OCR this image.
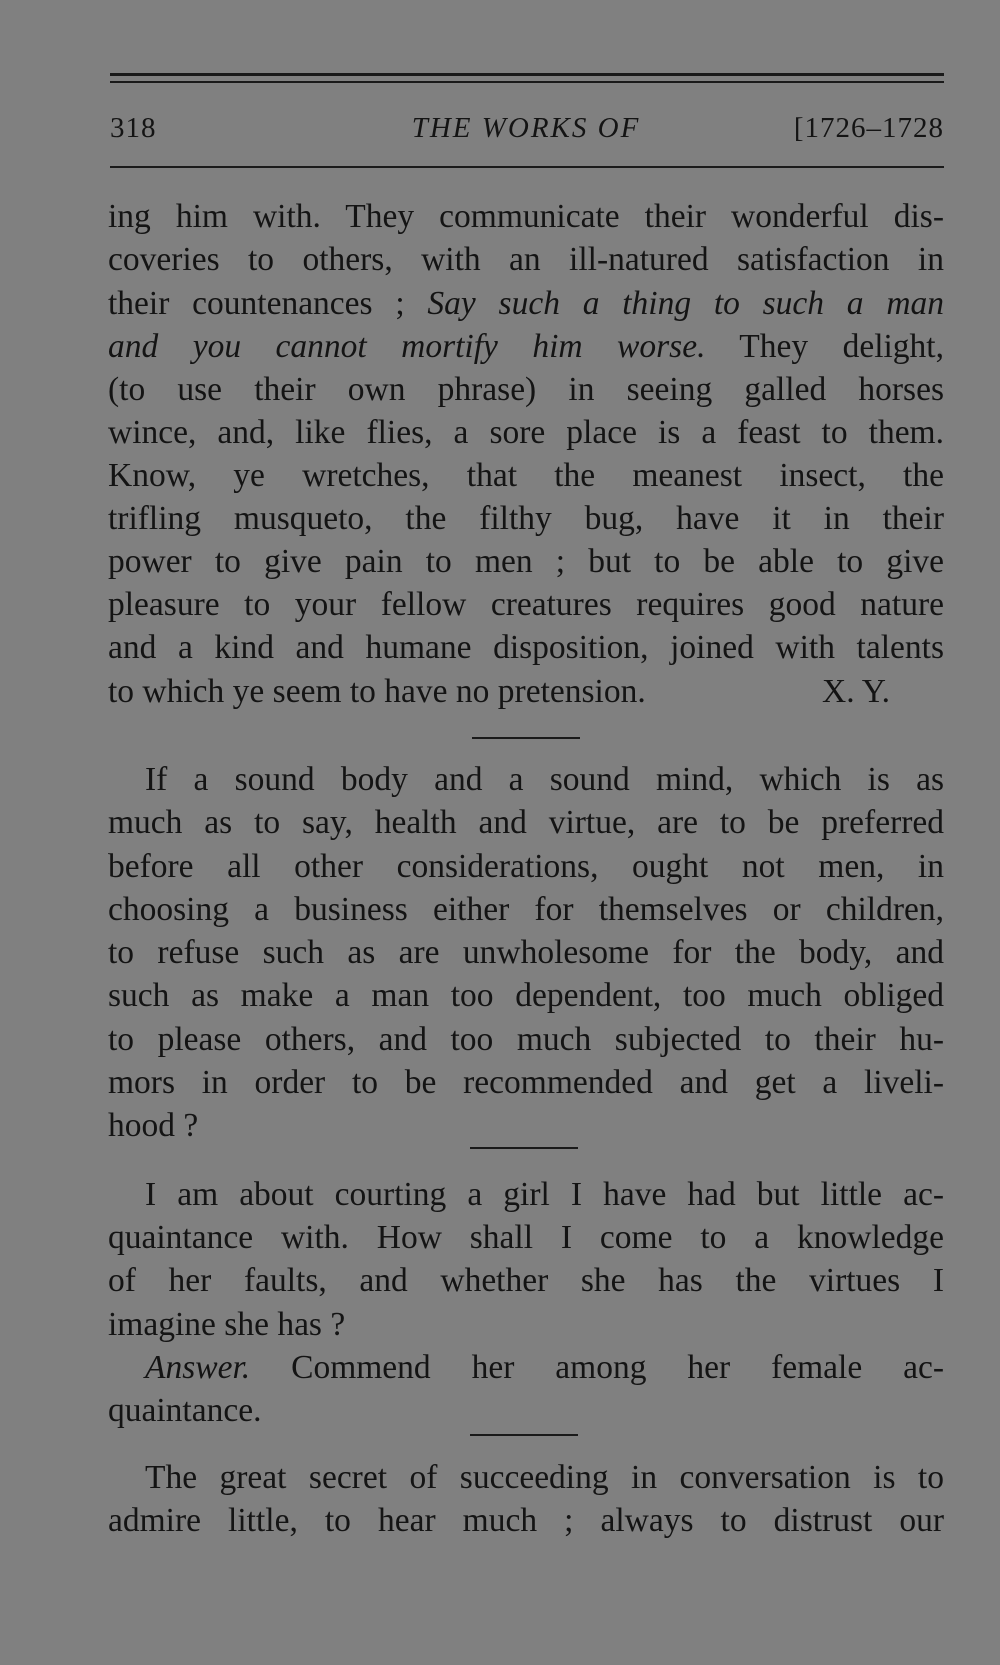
318	THE WORKS OF	[1726–1728
ing him with. They communicate their wonderful dis-
coveries to others, with an ill-natured satisfaction in
their countenances ; Say such a thing to such a man
and you cannot mortify him worse. They delight,
(to use their own phrase) in seeing galled horses
wince, and, like flies, a sore place is a feast to them.
Know, ye wretches, that the meanest insect, the
trifling musqueto, the filthy bug, have it in their
power to give pain to men ; but to be able to give
pleasure to your fellow creatures requires good nature
and a kind and humane disposition, joined with talents
to which ye seem to have no pretension.	X. Y.
If a sound body and a sound mind, which is as
much as to say, health and virtue, are to be preferred
before all other considerations, ought not men, in
choosing a business either for themselves or children,
to refuse such as are unwholesome for the body, and
such as make a man too dependent, too much obliged
to please others, and too much subjected to their hu-
mors in order to be recommended and get a liveli-
hood ?
I am about courting a girl I have had but little ac-
quaintance with. How shall I come to a knowledge
of her faults, and whether she has the virtues I
imagine she has ?
Answer. Commend her among her female ac-
quaintance.
The great secret of succeeding in conversation is to
admire little, to hear much ; always to distrust our
